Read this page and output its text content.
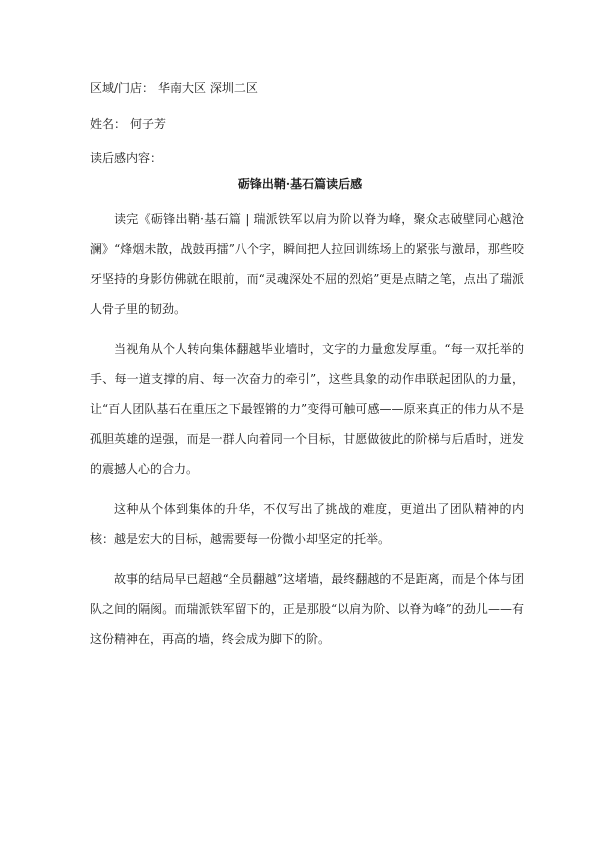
区域/门店： 华南大区 深圳二区
姓名： 何子芳
读后感内容：
砺锋出鞘·基石篇读后感

读完《砺锋出鞘·基石篇 | 瑞派铁军以肩为阶以脊为峰，聚众志破壁同心越沧澜》“烽烟未散，战鼓再擂”八个字，瞬间把人拉回训练场上的紧张与激昂，那些咬牙坚持的身影仿佛就在眼前，而“灵魂深处不屈的烈焰”更是点睛之笔，点出了瑞派人骨子里的韧劲。

当视角从个人转向集体翻越毕业墙时，文字的力量愈发厚重。“每一双托举的手、每一道支撑的肩、每一次奋力的牵引”，这些具象的动作串联起团队的力量，让“百人团队基石在重压之下最铿锵的力”变得可触可感——原来真正的伟力从不是孤胆英雄的逞强，而是一群人向着同一个目标，甘愿做彼此的阶梯与后盾时，迸发的震撼人心的合力。

这种从个体到集体的升华，不仅写出了挑战的难度，更道出了团队精神的内核：越是宏大的目标，越需要每一份微小却坚定的托举。

故事的结局早已超越“全员翻越”这堵墙，最终翻越的不是距离，而是个体与团队之间的隔阂。而瑞派铁军留下的，正是那股“以肩为阶、以脊为峰”的劲儿——有这份精神在，再高的墙，终会成为脚下的阶。
